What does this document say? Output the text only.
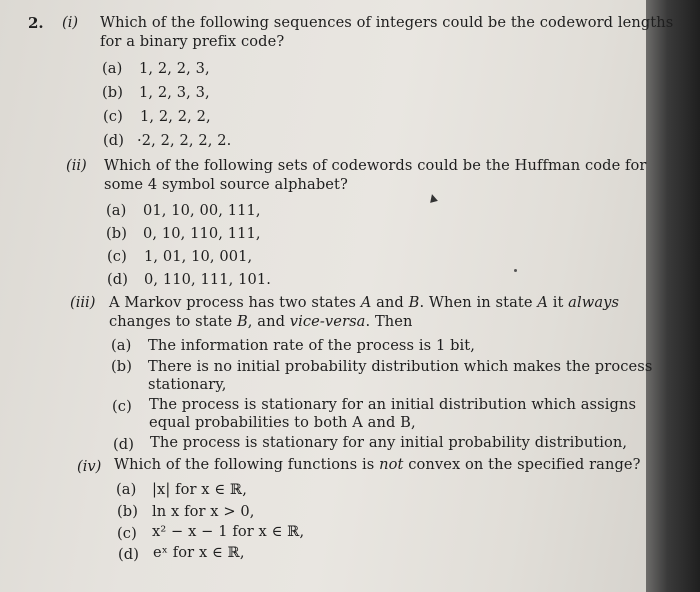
2. (i) Which of the following sequences of integers could be the codeword lengths
for a binary prefix code?
(a) 1, 2, 2, 3,
(b) 1, 2, 3, 3,
(c) 1, 2, 2, 2,
(d) ·2, 2, 2, 2, 2.
(ii) Which of the following sets of codewords could be the Huffman code for
some 4 symbol source alphabet?
(a) 01, 10, 00, 111,
(b) 0, 10, 110, 111,
(c) 1, 01, 10, 001,
(d) 0, 110, 111, 101.
(iii) A Markov process has two states A and B. When in state A it always
changes to state B, and vice-versa. Then
(a) The information rate of the process is 1 bit,
(b) There is no initial probability distribution which makes the process
stationary,
(c) The process is stationary for an initial distribution which assigns
equal probabilities to both A and B,
(d) The process is stationary for any initial probability distribution,
(iv) Which of the following functions is not convex on the specified range?
(a) |x| for x ∈ ℝ,
(b) ln x for x > 0,
(c) x² − x − 1 for x ∈ ℝ,
(d) eˣ for x ∈ ℝ,
